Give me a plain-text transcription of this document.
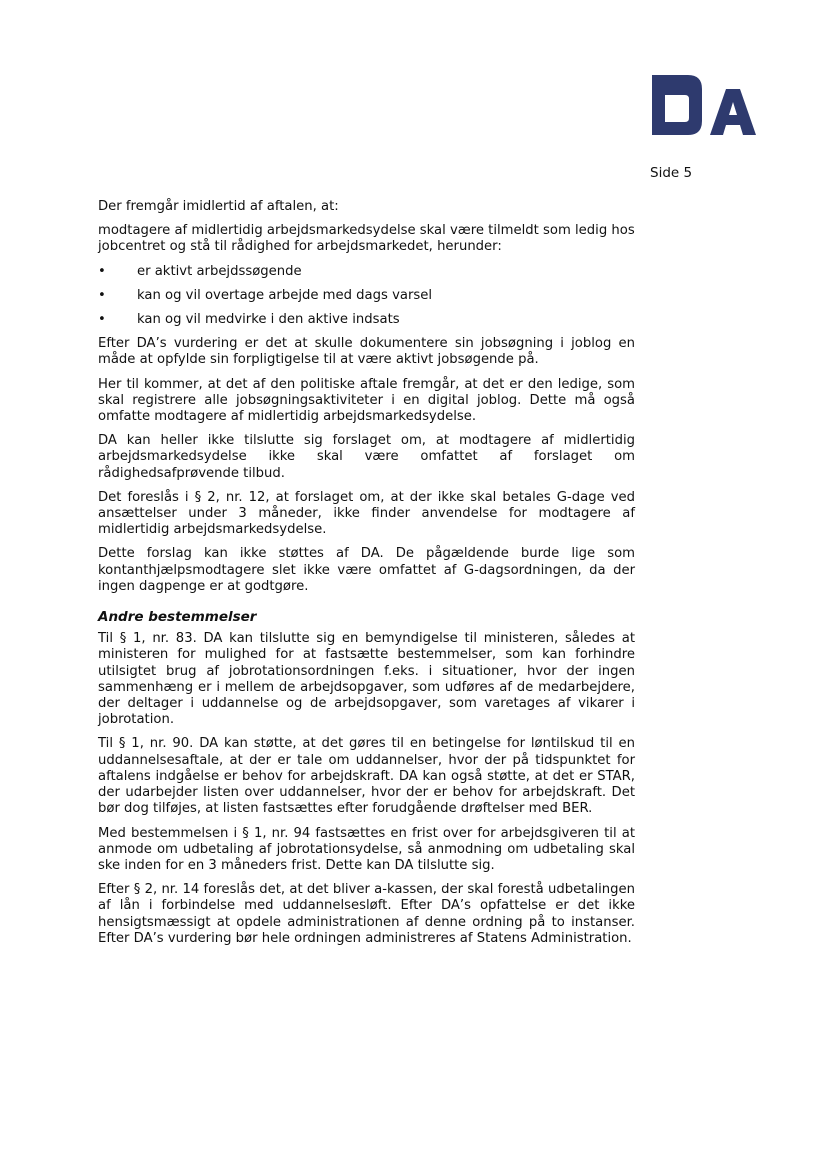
Side 5

Der fremgår imidlertid af aftalen, at:

modtagere af midlertidig arbejdsmarkedsydelse skal være tilmeldt som ledig hos jobcentret og stå til rådighed for arbejdsmarkedet, herunder:

• er aktivt arbejdssøgende
• kan og vil overtage arbejde med dags varsel
• kan og vil medvirke i den aktive indsats

Efter DA’s vurdering er det at skulle dokumentere sin jobsøgning i joblog en måde at opfylde sin forpligtigelse til at være aktivt jobsøgende på.

Her til kommer, at det af den politiske aftale fremgår, at det er den ledige, som skal registrere alle jobsøgningsaktiviteter i en digital joblog. Dette må også omfatte modtagere af midlertidig arbejdsmarkedsydelse.

DA kan heller ikke tilslutte sig forslaget om, at modtagere af midlertidig arbejdsmarkedsydelse ikke skal være omfattet af forslaget om rådighedsafprøvende tilbud.

Det foreslås i § 2, nr. 12, at forslaget om, at der ikke skal betales G-dage ved ansættelser under 3 måneder, ikke finder anvendelse for modtagere af midlertidig arbejdsmarkedsydelse.

Dette forslag kan ikke støttes af DA. De pågældende burde lige som kontanthjælpsmodtagere slet ikke være omfattet af G-dagsordningen, da der ingen dagpenge er at godtgøre.

Andre bestemmelser

Til § 1, nr. 83. DA kan tilslutte sig en bemyndigelse til ministeren, således at ministeren for mulighed for at fastsætte bestemmelser, som kan forhindre utilsigtet brug af jobrotationsordningen f.eks. i situationer, hvor der ingen sammenhæng er i mellem de arbejdsopgaver, som udføres af de medarbejdere, der deltager i uddannelse og de arbejdsopgaver, som varetages af vikarer i jobrotation.

Til § 1, nr. 90. DA kan støtte, at det gøres til en betingelse for løntilskud til en uddannelsesaftale, at der er tale om uddannelser, hvor der på tidspunktet for aftalens indgåelse er behov for arbejdskraft. DA kan også støtte, at det er STAR, der udarbejder listen over uddannelser, hvor der er behov for arbejdskraft. Det bør dog tilføjes, at listen fastsættes efter forudgående drøftelser med BER.

Med bestemmelsen i § 1, nr. 94 fastsættes en frist over for arbejdsgiveren til at anmode om udbetaling af jobrotationsydelse, så anmodning om udbetaling skal ske inden for en 3 måneders frist. Dette kan DA tilslutte sig.

Efter § 2, nr. 14 foreslås det, at det bliver a-kassen, der skal forestå udbetalingen af lån i forbindelse med uddannelsesløft. Efter DA’s opfattelse er det ikke hensigtsmæssigt at opdele administrationen af denne ordning på to instanser. Efter DA’s vurdering bør hele ordningen administreres af Statens Administration.
